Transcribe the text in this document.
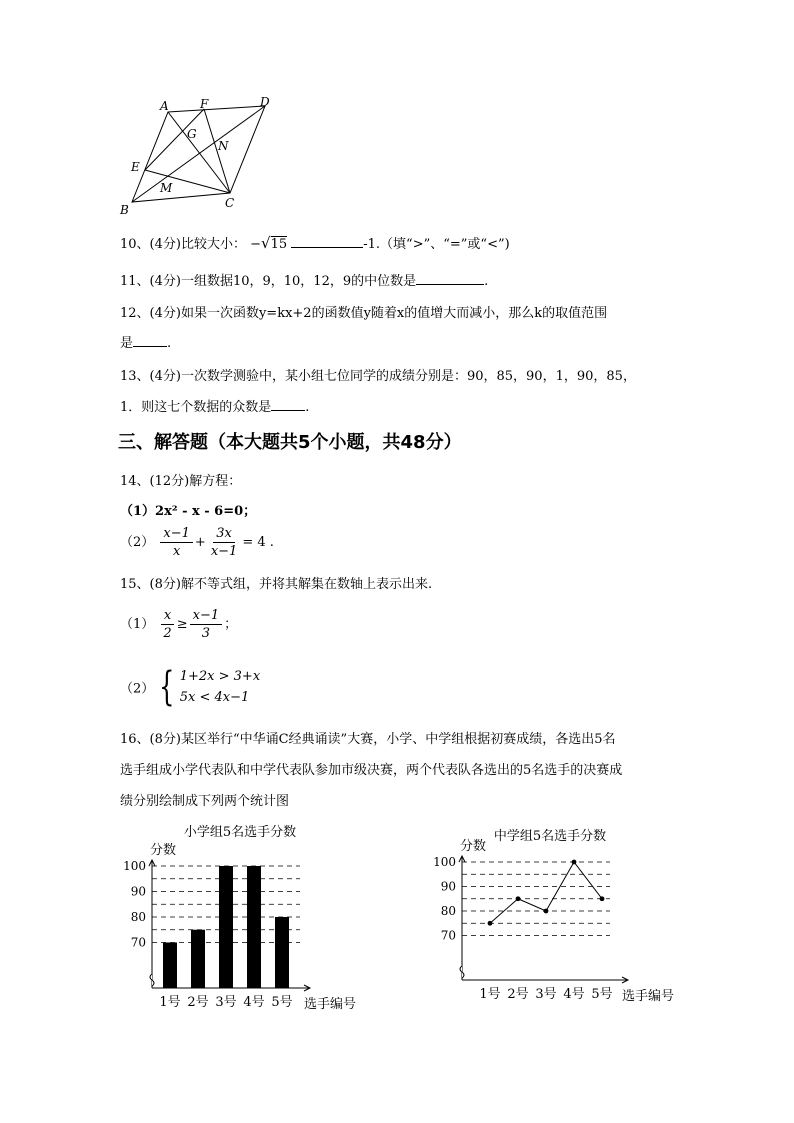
A	F	D
G
N
E
M
B	C
10、(4分)比较大小： −√15	-1.（填“>”、“=”或“<”)
11、(4分)一组数据10，9，10，12，9的中位数是	.
12、(4分)如果一次函数y=kx+2的函数值y随着x的值增大而减小，那么k的取值范围
是	.
13、(4分)一次数学测验中，某小组七位同学的成绩分别是：90，85，90，1，90，85，
1．则这七个数据的众数是	.
三、解答题（本大题共5个小题，共48分）
14、(12分)解方程：
（1）2x² - x - 6=0；
$(2) \frac{x-1}{x} + \frac{3x}{x-1} = 4$ .
15、(8分)解不等式组，并将其解集在数轴上表示出来.
$(1) \frac{x}{2} \ge \frac{x-1}{3}$ ；
（2） { 1+2x > 3+x
5x < 4x−1
16、(8分)某区举行“中华诵C经典诵读”大赛，小学、中学组根据初赛成绩，各选出5名
选手组成小学代表队和中学代表队参加市级决赛，两个代表队各选出的5名选手的决赛成
绩分别绘制成下列两个统计图
小学组5名选手分数
分数
选手编号
70
80
90
100
1号 2号 3号 4号 5号
中学组5名选手分数
分数
选手编号
70
80
90
100
1号 2号 3号 4号 5号
